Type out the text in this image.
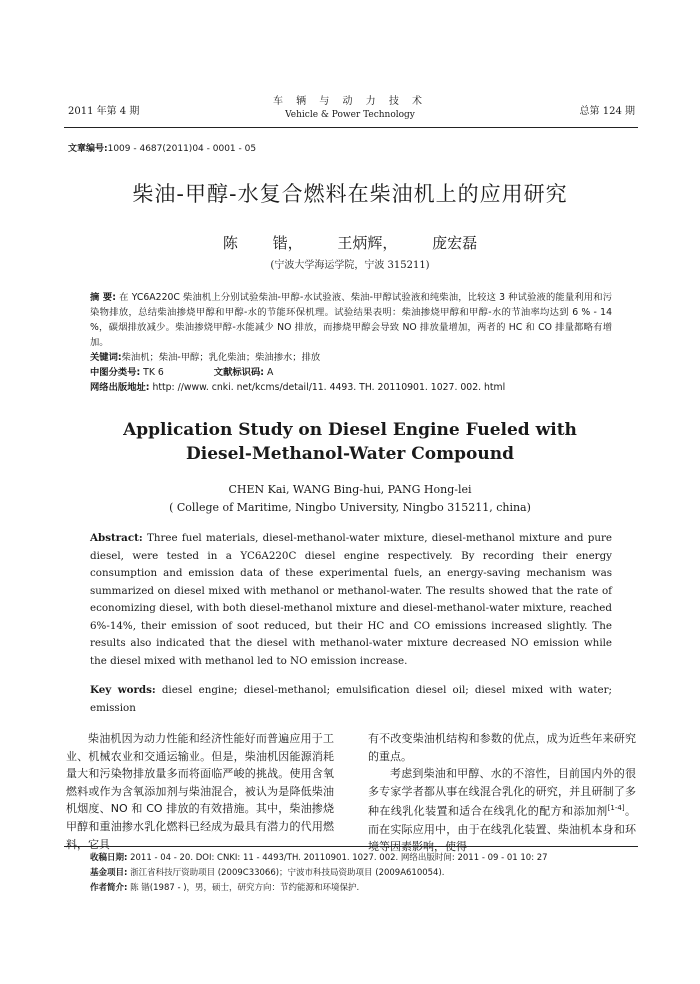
2011 年第 4 期
车 辆 与 动 力 技 术
Vehicle & Power Technology	总第 124 期
文章编号:1009 - 4687(2011)04 - 0001 - 05
柴油-甲醇-水复合燃料在柴油机上的应用研究
陈 锴， 王炳辉， 庞宏磊
(宁波大学海运学院，宁波 315211)
摘 要: 在 YC6A220C 柴油机上分别试验柴油-甲醇-水试验液、柴油-甲醇试验液和纯柴油，比较这 3 种试验液的能量利用和污染物排放，总结柴油掺烧甲醇和甲醇-水的节能环保机理。试验结果表明：柴油掺烧甲醇和甲醇-水的节油率均达到 6 % - 14 %，碳烟排放减少。柴油掺烧甲醇-水能减少 NO 排放，而掺烧甲醇会导致 NO 排放量增加，两者的 HC 和 CO 排量都略有增加。
关键词:柴油机；柴油-甲醇；乳化柴油；柴油掺水；排放
中图分类号: TK 6	文献标识码: A
网络出版地址: http: //www. cnki. net/kcms/detail/11. 4493. TH. 20110901. 1027. 002. html
Application Study on Diesel Engine Fueled with
Diesel-Methanol-Water Compound
CHEN Kai, WANG Bing-hui, PANG Hong-lei
( College of Maritime, Ningbo University, Ningbo 315211, china)
Abstract: Three fuel materials, diesel-methanol-water mixture, diesel-methanol mixture and pure diesel, were tested in a YC6A220C diesel engine respectively. By recording their energy consumption and emission data of these experimental fuels, an energy-saving mechanism was summarized on diesel mixed with methanol or methanol-water. The results showed that the rate of economizing diesel, with both diesel-methanol mixture and diesel-methanol-water mixture, reached 6%-14%, their emission of soot reduced, but their HC and CO emissions increased slightly. The results also indicated that the diesel with methanol-water mixture decreased NO emission while the diesel mixed with methanol led to NO emission increase.
Key words: diesel engine; diesel-methanol; emulsification diesel oil; diesel mixed with water; emission

柴油机因为动力性能和经济性能好而普遍应用于工业、机械农业和交通运输业。但是，柴油机因能源消耗量大和污染物排放量多而将面临严峻的挑战。使用含氧燃料或作为含氧添加剂与柴油混合，被认为是降低柴油机烟度、NO 和 CO 排放的有效措施。其中，柴油掺烧甲醇和重油掺水乳化燃料已经成为最具有潜力的代用燃料，它具

有不改变柴油机结构和参数的优点，成为近些年来研究的重点。

考虑到柴油和甲醇、水的不溶性，目前国内外的很多专家学者都从事在线混合乳化的研究，并且研制了多种在线乳化装置和适合在线乳化的配方和添加剂[1-4]。而在实际应用中，由于在线乳化装置、柴油机本身和环境等因素影响，使得

收稿日期: 2011 - 04 - 20. DOI: CNKI: 11 - 4493/TH. 20110901. 1027. 002. 网络出版时间: 2011 - 09 - 01 10: 27
基金项目: 浙江省科技厅资助项目 (2009C33066)；宁波市科技局资助项目 (2009A610054).
作者简介: 陈 锴(1987 - )，男，硕士，研究方向：节约能源和环境保护.
